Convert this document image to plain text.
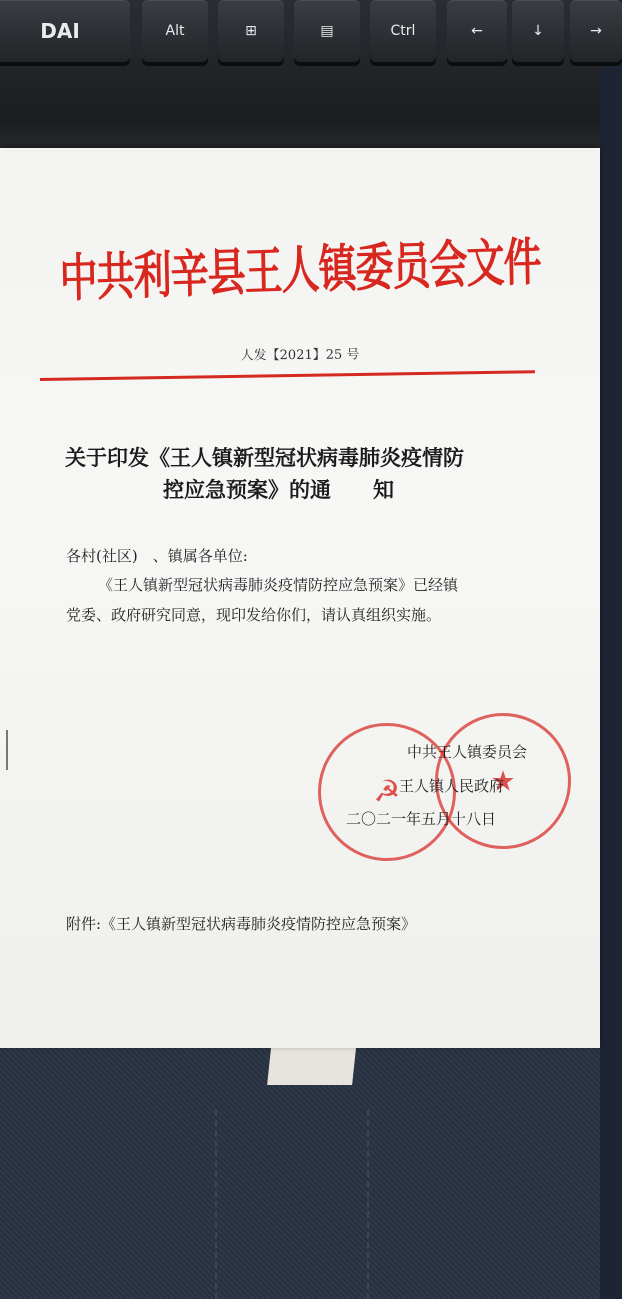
DAI	Alt	⊞	▤	Ctrl	←	↓	→
中共利辛县王人镇委员会文件
人发【2021】25 号
关于印发《王人镇新型冠状病毒肺炎疫情防
控应急预案》的通　　知
各村(社区)　、镇属各单位:
《王人镇新型冠状病毒肺炎疫情防控应急预案》已经镇
党委、政府研究同意，现印发给你们，请认真组织实施。
☭	★
中共王人镇委员会
王人镇人民政府
二〇二一年五月十八日
附件:《王人镇新型冠状病毒肺炎疫情防控应急预案》
